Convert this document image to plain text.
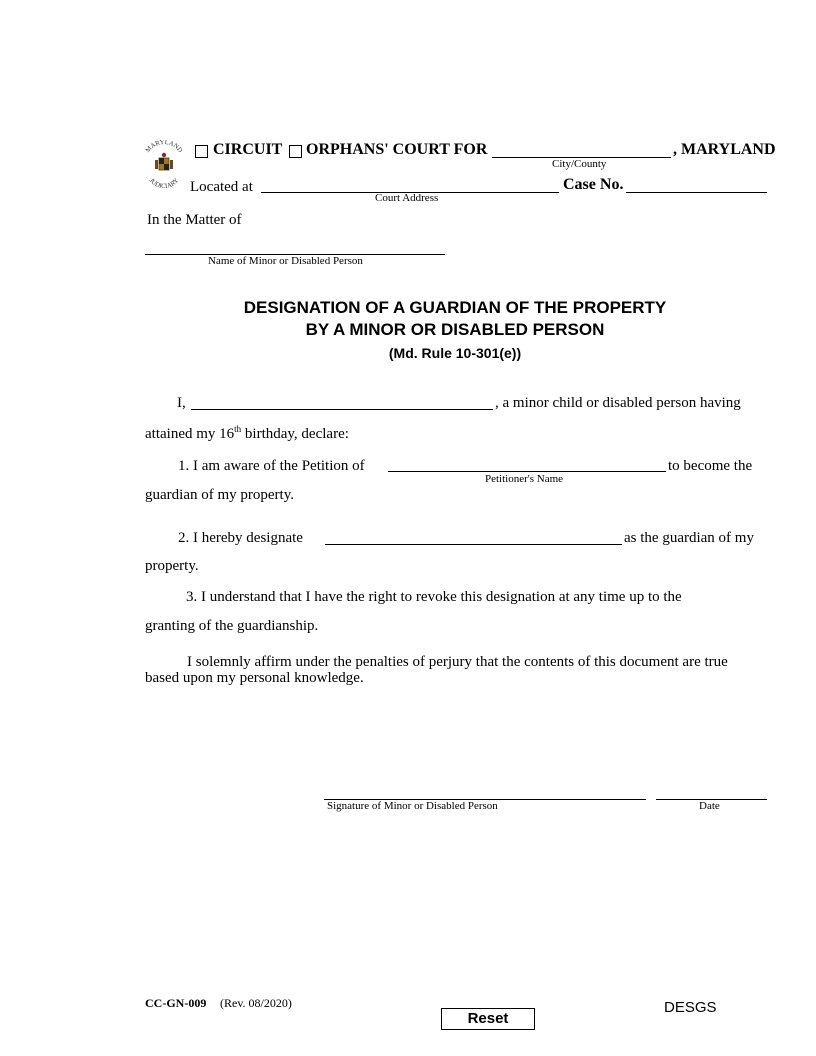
MARYLAND
JUDICIARY
CIRCUIT ORPHANS' COURT FOR	, MARYLAND
City/County
Located at	Case No.
Court Address
In the Matter of
Name of Minor or Disabled Person
DESIGNATION OF A GUARDIAN OF THE PROPERTY
BY A MINOR OR DISABLED PERSON
(Md. Rule 10-301(e))
I,	, a minor child or disabled person having
attained my 16th birthday, declare:
1. I am aware of the Petition of	to become the
Petitioner's Name
guardian of my property.
2. I hereby designate	as the guardian of my
property.
3. I understand that I have the right to revoke this designation at any time up to the
granting of the guardianship.
I solemnly affirm under the penalties of perjury that the contents of this document are true
based upon my personal knowledge.
Signature of Minor or Disabled Person	Date
CC-GN-009 (Rev. 08/2020)
Reset
DESGS
